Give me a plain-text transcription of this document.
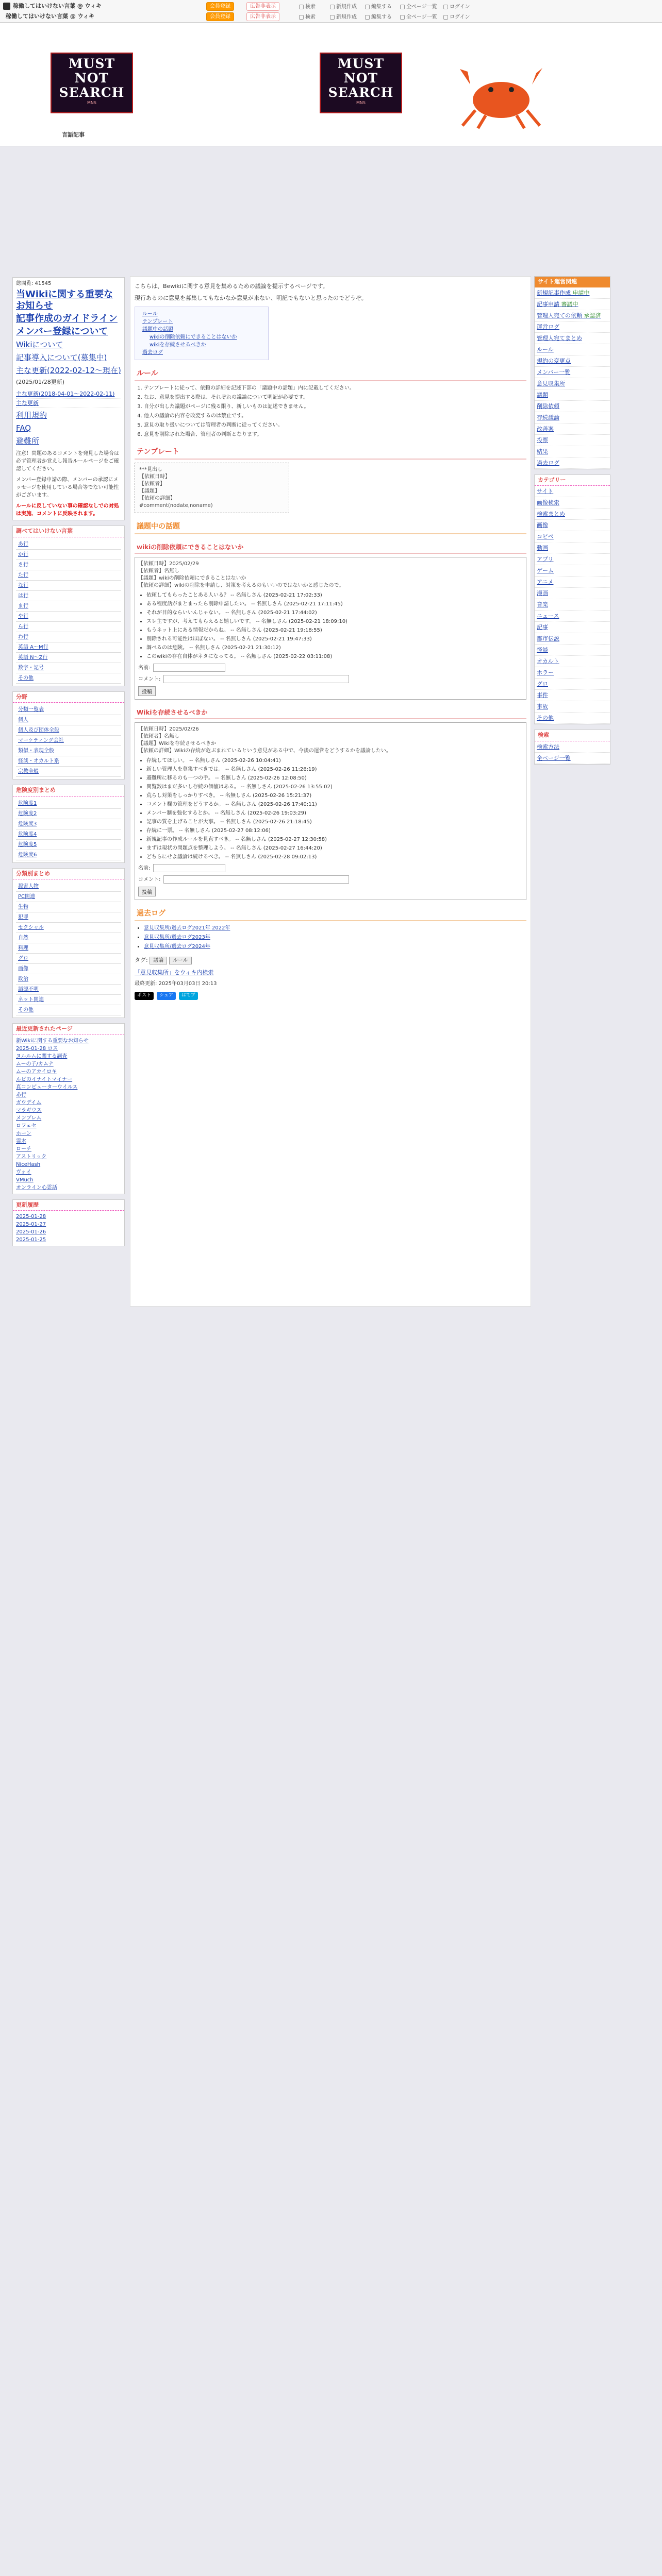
稼働してはいけない言葉 @ ウィキ
稼働してはいけない言葉 @ ウィキ
会員登録	広告非表示	検索	新規作成	編集する	全ページ一覧 ログイン
会員登録	広告非表示	検索	新規作成	編集する	全ページ一覧 ログイン
MUST
NOT
SEARCH
MNS
MUST
NOT
SEARCH
MNS
言語記事
総閲覧: 41545
当Wikiに関する重要なお知らせ
記事作成のガイドライン
メンバー登録について
Wikiについて
記事導入について(募集中)
主な更新(2022-02-12～現在)
(2025/01/28更新)
主な更新(2018-04-01～2022-02-11)
主な更新
利用規約
FAQ
避難所

注意！問題のあるコメントを発見した場合は必ず管理者か覚えし報告ルールページをご確認してください。

メンバー登録申請の際、メンバーの承認にメッセージを使用している場合等でない可能性がございます。

ルールに反していない事の確認なしでの対処は実施、コメントに反映されます。

調べてはいけない言葉
あ行
か行
さ行
た行
な行
は行
ま行
や行
ら行
わ行
英語 A〜M行
英語 N〜Z行
数字・記号
その他
分野
分類一覧表
個人
個人及び団体全般
マーケティング会社
類似・表現全般
怪談・オカルト系
宗教全般
危険度別まとめ
危険度1
危険度2
危険度3
危険度4
危険度5
危険度6
分類別まとめ
殺害人物
PC関連
生物
犯罪
セクシャル
自然
料理
グロ
画像
政治
語源不明
ネット関連
その他
最近更新されたページ
新Wikiに関する重要なお知らせ
2025-01-28 ロス
ヌルルムに関する調査
ムーの子/カムナ
ムーのアカイロキ
ルビのイナイトマイナー
真コンピューターウイルス
あ行
ガウデイム
マラギウス
メンブレム
ロフェセ
ホーン
霊木
ローチ
アストリック
NiceHash
ヴォイ
VMuch
オンライン心霊話
更新履歴
2025-01-28
2025-01-27
2025-01-26
2025-01-25

こちらは、Bewikiに関する意見を集めるための議論を提示するページです。

現行あるのに意見を募集してもなかなか意見が来ない、明記でもないと思ったのでどうぞ。

ルール
テンプレート
議題中の話題
wikiの削除依頼にできることはないか
wikiを存続させるべきか
過去ログ
ルール
1. テンプレートに従って、依頼の詳細を記述下部の「議題中の話題」内に記載してください。
2. なお、意見を提出する際は、それぞれの議論について明記が必要です。
3. 自分が出した議題がページに残る限り、新しいものは記述できません。
4. 他人の議論の内容を改変するのは禁止です。
5. 意見の取り扱いについては管理者の判断に従ってください。
6. 意見を削除された場合、管理者の判断となります。
テンプレート
***見出し
【依頼日時】
【依頼者】
【議題】
【依頼の詳細】
#comment(nodate,noname)
議題中の話題
wikiの削除依頼にできることはないか
【依頼日時】2025/02/29
【依頼者】名無し
【議題】wikiの削除依頼にできることはないか
【依頼の詳細】wikiの削除を申請し、対策を考えるのもいいのではないかと感じたので。
• 依頼してもらったことある人いる？ -- 名無しさん (2025-02-21 17:02:33)
• ある程度話がまとまったら削除申請したい。 -- 名無しさん (2025-02-21 17:11:45)
• それが目的ならいいんじゃない。 -- 名無しさん (2025-02-21 17:44:02)
• スレ主ですが、考えてもらえると嬉しいです。 -- 名無しさん (2025-02-21 18:09:10)
• もうネット上にある情報だからね。 -- 名無しさん (2025-02-21 19:18:55)
• 削除される可能性はほぼない。 -- 名無しさん (2025-02-21 19:47:33)
• 調べるのは危険。 -- 名無しさん (2025-02-21 21:30:12)
• このwikiの存在自体がネタになってる。 -- 名無しさん (2025-02-22 03:11:08)
名前:
コメント:
投稿
Wikiを存続させるべきか
【依頼日時】2025/02/26
【依頼者】名無し
【議題】Wikiを存続させるべきか
【依頼の詳細】Wikiの存続が危ぶまれているという意見がある中で、今後の運営をどうするかを議論したい。
• 存続してほしい。 -- 名無しさん (2025-02-26 10:04:41)
• 新しい管理人を募集すべきでは。 -- 名無しさん (2025-02-26 11:26:19)
• 避難所に移るのも一つの手。 -- 名無しさん (2025-02-26 12:08:50)
• 閲覧数はまだ多いし存続の価値はある。 -- 名無しさん (2025-02-26 13:55:02)
• 荒らし対策をしっかりすべき。 -- 名無しさん (2025-02-26 15:21:37)
• コメント欄の管理をどうするか。 -- 名無しさん (2025-02-26 17:40:11)
• メンバー制を強化するとか。 -- 名無しさん (2025-02-26 19:03:29)
• 記事の質を上げることが大事。 -- 名無しさん (2025-02-26 21:18:45)
• 存続に一票。 -- 名無しさん (2025-02-27 08:12:06)
• 新規記事の作成ルールを見直すべき。 -- 名無しさん (2025-02-27 12:30:58)
• まずは現状の問題点を整理しよう。 -- 名無しさん (2025-02-27 16:44:20)
• どちらにせよ議論は続けるべき。 -- 名無しさん (2025-02-28 09:02:13)
名前:
コメント:
投稿
過去ログ
• 意見収集所/過去ログ2021年 2022年
• 意見収集所/過去ログ2023年
• 意見収集所/過去ログ2024年
タグ: 議論 ルール
「意見収集所」をウィキ内検索
最終更新: 2025年03月03日 20:13
ポスト	シェア	はてブ
サイト運営関連
新規記事作成 申請中
記事申請 審議中
管理人宛ての依頼 承認済
運営ログ
管理人宛てまとめ
ルール
規約の変更点
メンバー一覧
意見収集所
議題
削除依頼
存続議論
改善案
投票
結果
過去ログ
カテゴリー
サイト
画像検索
検索まとめ
画像
コピペ
動画
アプリ
ゲーム
アニメ
漫画
音楽
ニュース
記事
都市伝説
怪談
オカルト
ホラー
グロ
事件
事故
その他
検索
検索方法
全ページ一覧
